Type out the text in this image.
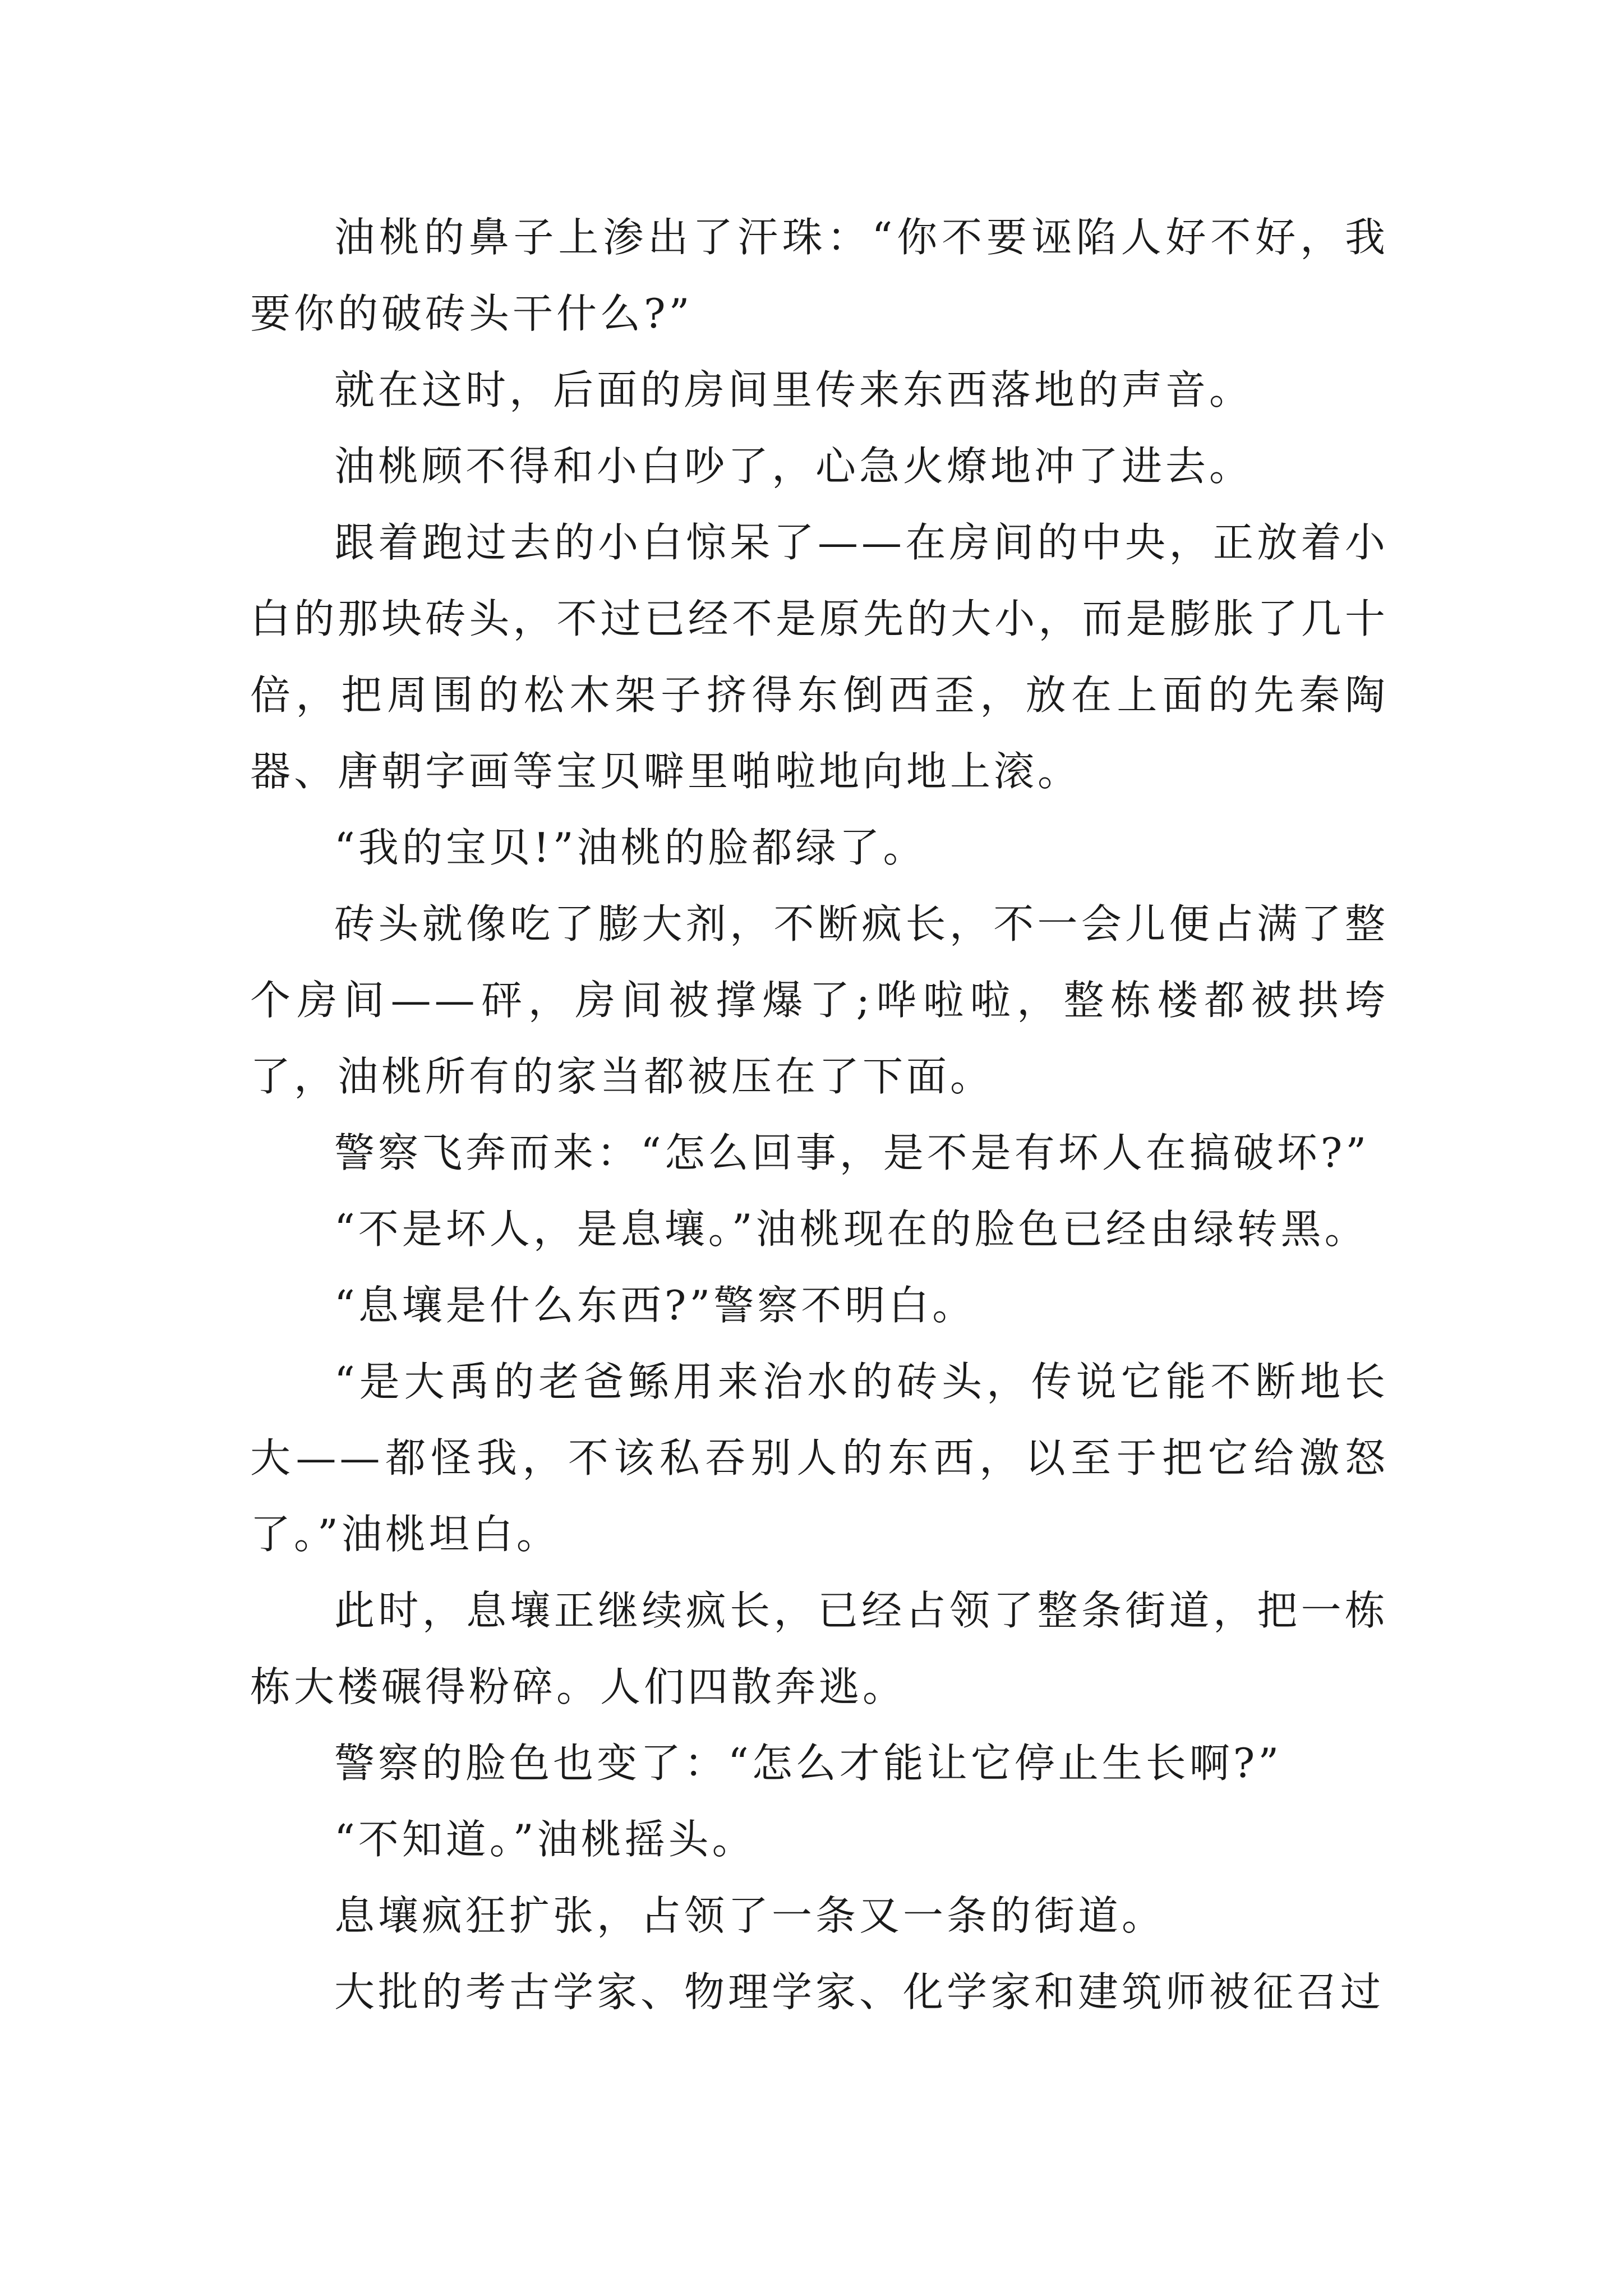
油桃的鼻子上渗出了汗珠：“你不要诬陷人好不好，我要你的破砖头干什么?”

就在这时，后面的房间里传来东西落地的声音。

油桃顾不得和小白吵了，心急火燎地冲了进去。

跟着跑过去的小白惊呆了——在房间的中央，正放着小白的那块砖头，不过已经不是原先的大小，而是膨胀了几十倍，把周围的松木架子挤得东倒西歪，放在上面的先秦陶器、唐朝字画等宝贝噼里啪啦地向地上滚。

“我的宝贝!”油桃的脸都绿了。

砖头就像吃了膨大剂，不断疯长，不一会儿便占满了整个房间——砰，房间被撑爆了;哗啦啦，整栋楼都被拱垮了，油桃所有的家当都被压在了下面。

警察飞奔而来：“怎么回事，是不是有坏人在搞破坏?”

“不是坏人，是息壤。”油桃现在的脸色已经由绿转黑。

“息壤是什么东西?”警察不明白。

“是大禹的老爸鲧用来治水的砖头，传说它能不断地长大——都怪我，不该私吞别人的东西，以至于把它给激怒了。”油桃坦白。

此时，息壤正继续疯长，已经占领了整条街道，把一栋栋大楼碾得粉碎。人们四散奔逃。

警察的脸色也变了：“怎么才能让它停止生长啊?”

“不知道。”油桃摇头。

息壤疯狂扩张，占领了一条又一条的街道。

大批的考古学家、物理学家、化学家和建筑师被征召过
